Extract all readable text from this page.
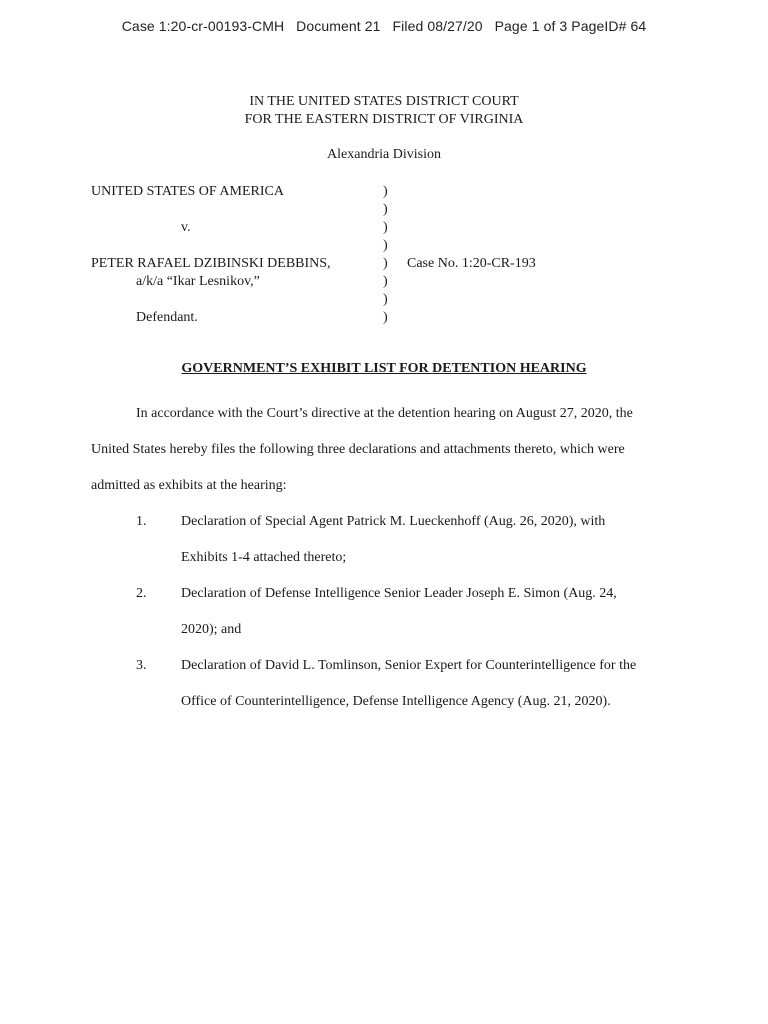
Case 1:20-cr-00193-CMH   Document 21   Filed 08/27/20   Page 1 of 3 PageID# 64
IN THE UNITED STATES DISTRICT COURT
FOR THE EASTERN DISTRICT OF VIRGINIA
Alexandria Division
UNITED STATES OF AMERICA	)
)
v.	)
)
PETER RAFAEL DZIBINSKI DEBBINS,	) Case No. 1:20-CR-193
a/k/a “Ikar Lesnikov,”	)
)
Defendant.	)
GOVERNMENT’S EXHIBIT LIST FOR DETENTION HEARING
In accordance with the Court’s directive at the detention hearing on August 27, 2020, the
United States hereby files the following three declarations and attachments thereto, which were
admitted as exhibits at the hearing:
1. Declaration of Special Agent Patrick M. Lueckenhoff (Aug. 26, 2020), with
Exhibits 1-4 attached thereto;
2. Declaration of Defense Intelligence Senior Leader Joseph E. Simon (Aug. 24,
2020); and
3. Declaration of David L. Tomlinson, Senior Expert for Counterintelligence for the
Office of Counterintelligence, Defense Intelligence Agency (Aug. 21, 2020).
